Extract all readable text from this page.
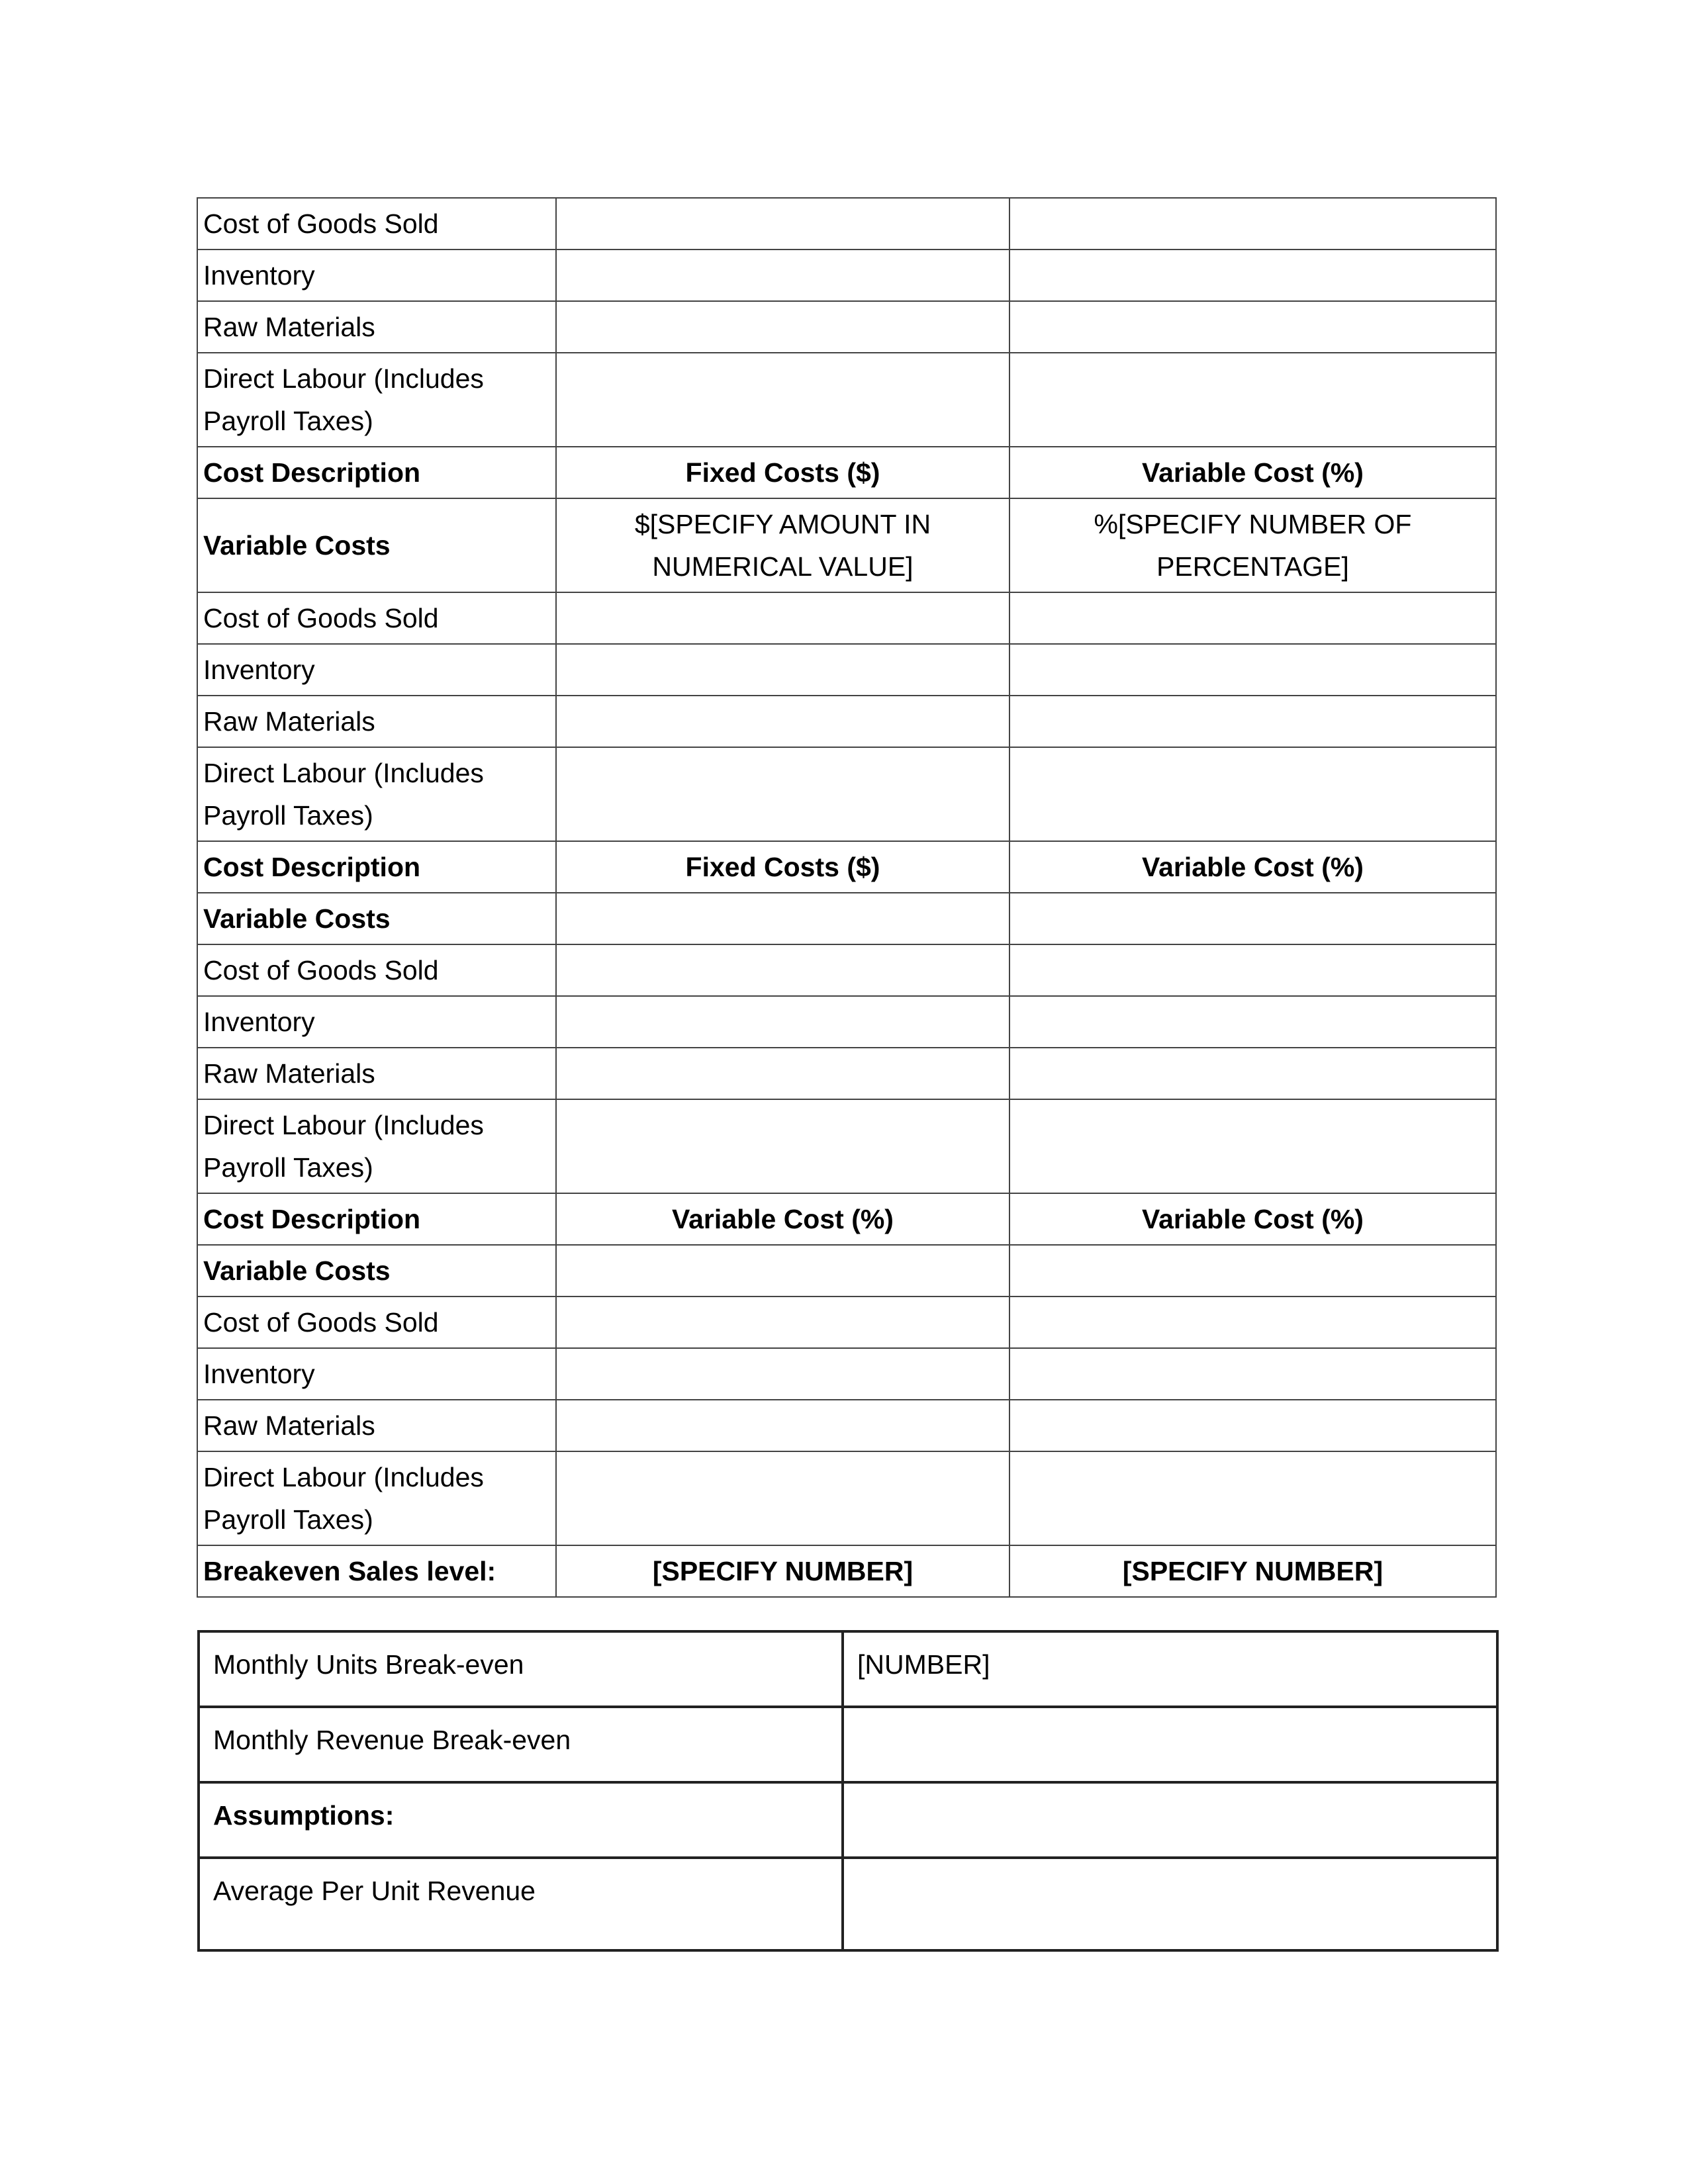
Cost of Goods Sold		
Inventory		
Raw Materials		
Direct Labour (Includes Payroll Taxes)		
Cost Description	Fixed Costs ($)	Variable Cost (%)
Variable Costs	$[SPECIFY AMOUNT IN NUMERICAL VALUE]	%[SPECIFY NUMBER OF PERCENTAGE]
Cost of Goods Sold		
Inventory		
Raw Materials		
Direct Labour (Includes Payroll Taxes)		
Cost Description	Fixed Costs ($)	Variable Cost (%)
Variable Costs		
Cost of Goods Sold		
Inventory		
Raw Materials		
Direct Labour (Includes Payroll Taxes)		
Cost Description	Variable Cost (%)	Variable Cost (%)
Variable Costs		
Cost of Goods Sold		
Inventory		
Raw Materials		
Direct Labour (Includes Payroll Taxes)		
Breakeven Sales level:	[SPECIFY NUMBER]	[SPECIFY NUMBER]
Monthly Units Break-even	[NUMBER]
Monthly Revenue Break-even	
Assumptions:	
Average Per Unit Revenue	
